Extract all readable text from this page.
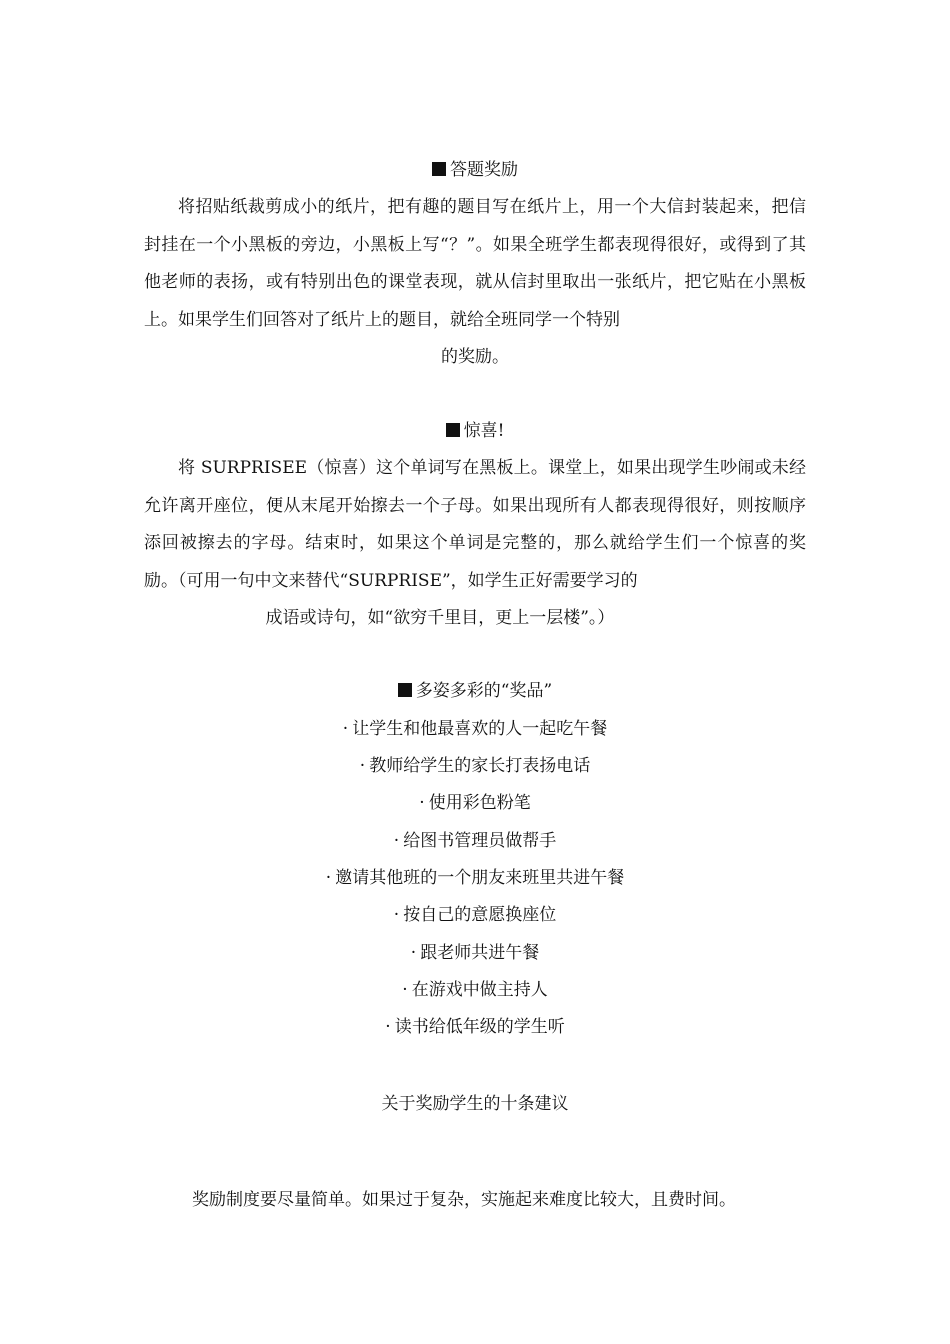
答题奖励
将招贴纸裁剪成小的纸片，把有趣的题目写在纸片上，用一个大信封装起来，把信封挂在一个小黑板的旁边，小黑板上写“？”。如果全班学生都表现得很好，或得到了其他老师的表扬，或有特别出色的课堂表现，就从信封里取出一张纸片，把它贴在小黑板上。如果学生们回答对了纸片上的题目，就给全班同学一个特别
的奖励。
惊喜!
将 SURPRISEE（惊喜）这个单词写在黑板上。课堂上，如果出现学生吵闹或未经允许离开座位，便从末尾开始擦去一个子母。如果出现所有人都表现得很好，则按顺序添回被擦去的字母。结束时，如果这个单词是完整的，那么就给学生们一个惊喜的奖励。（可用一句中文来替代“SURPRISE”，如学生正好需要学习的
成语或诗句，如“欲穷千里目，更上一层楼”。）
多姿多彩的“奖品”
· 让学生和他最喜欢的人一起吃午餐
· 教师给学生的家长打表扬电话
· 使用彩色粉笔
· 给图书管理员做帮手
· 邀请其他班的一个朋友来班里共进午餐
· 按自己的意愿换座位
· 跟老师共进午餐
· 在游戏中做主持人
· 读书给低年级的学生听
关于奖励学生的十条建议
奖励制度要尽量简单。如果过于复杂，实施起来难度比较大，且费时间。
